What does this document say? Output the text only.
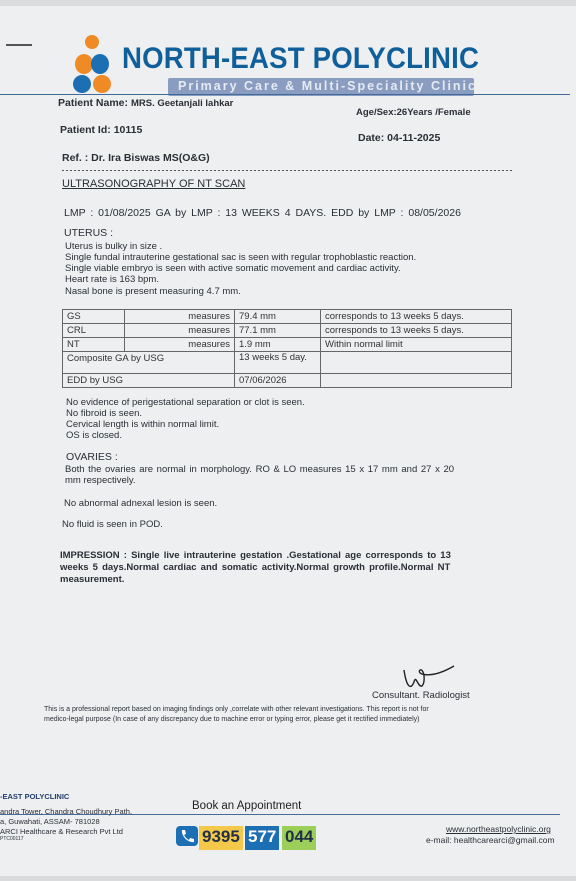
NORTH-EAST POLYCLINIC
Primary Care & Multi-Speciality Clinic
Patient Name: MRS. Geetanjali lahkar
Age/Sex:26Years /Female
Patient Id: 10115
Date: 04-11-2025
Ref. : Dr. Ira Biswas MS(O&G)
ULTRASONOGRAPHY OF NT SCAN
LMP : 01/08/2025 GA by LMP : 13 WEEKS 4 DAYS. EDD by LMP : 08/05/2026
UTERUS :
Uterus is bulky in size .
Single fundal intrauterine gestational sac is seen with regular trophoblastic reaction.
Single viable embryo is seen with active somatic movement and cardiac activity.
Heart rate is 163 bpm.
Nasal bone is present measuring 4.7 mm.
GS	measures	79.4 mm	corresponds to 13 weeks 5 days.
CRL	measures	77.1 mm	corresponds to 13 weeks 5 days.
NT	measures	1.9 mm	Within normal limit
Composite GA by USG		13 weeks 5 day.	
EDD by USG		07/06/2026	
No evidence of perigestational separation or clot is seen.
No fibroid is seen.
Cervical length is within normal limit.
OS is closed.
OVARIES :
Both the ovaries are normal in morphology. RO & LO measures 15 x 17 mm and 27 x 20
mm respectively.
No abnormal adnexal lesion is seen.
No fluid is seen in POD.
IMPRESSION : Single live intrauterine gestation .Gestational age corresponds to 13
weeks 5 days.Normal cardiac and somatic activity.Normal growth profile.Normal NT
measurement.
Consultant. Radiologist
This is a professional report based on imaging findings only ,correlate with other relevant investigations. This report is not for
medico-legal purpose (In case of any discrepancy due to machine error or typing error, please get it rectified immediately)
-EAST POLYCLINIC
andra Tower, Chandra Choudhury Path,
a, Guwahati, ASSAM- 781028
ARCI Healthcare & Research Pvt Ltd
PTC00117
Book an Appointment
9395 577 044	www.northeastpolyclinic.org
e-mail: healthcarearci@gmail.com
